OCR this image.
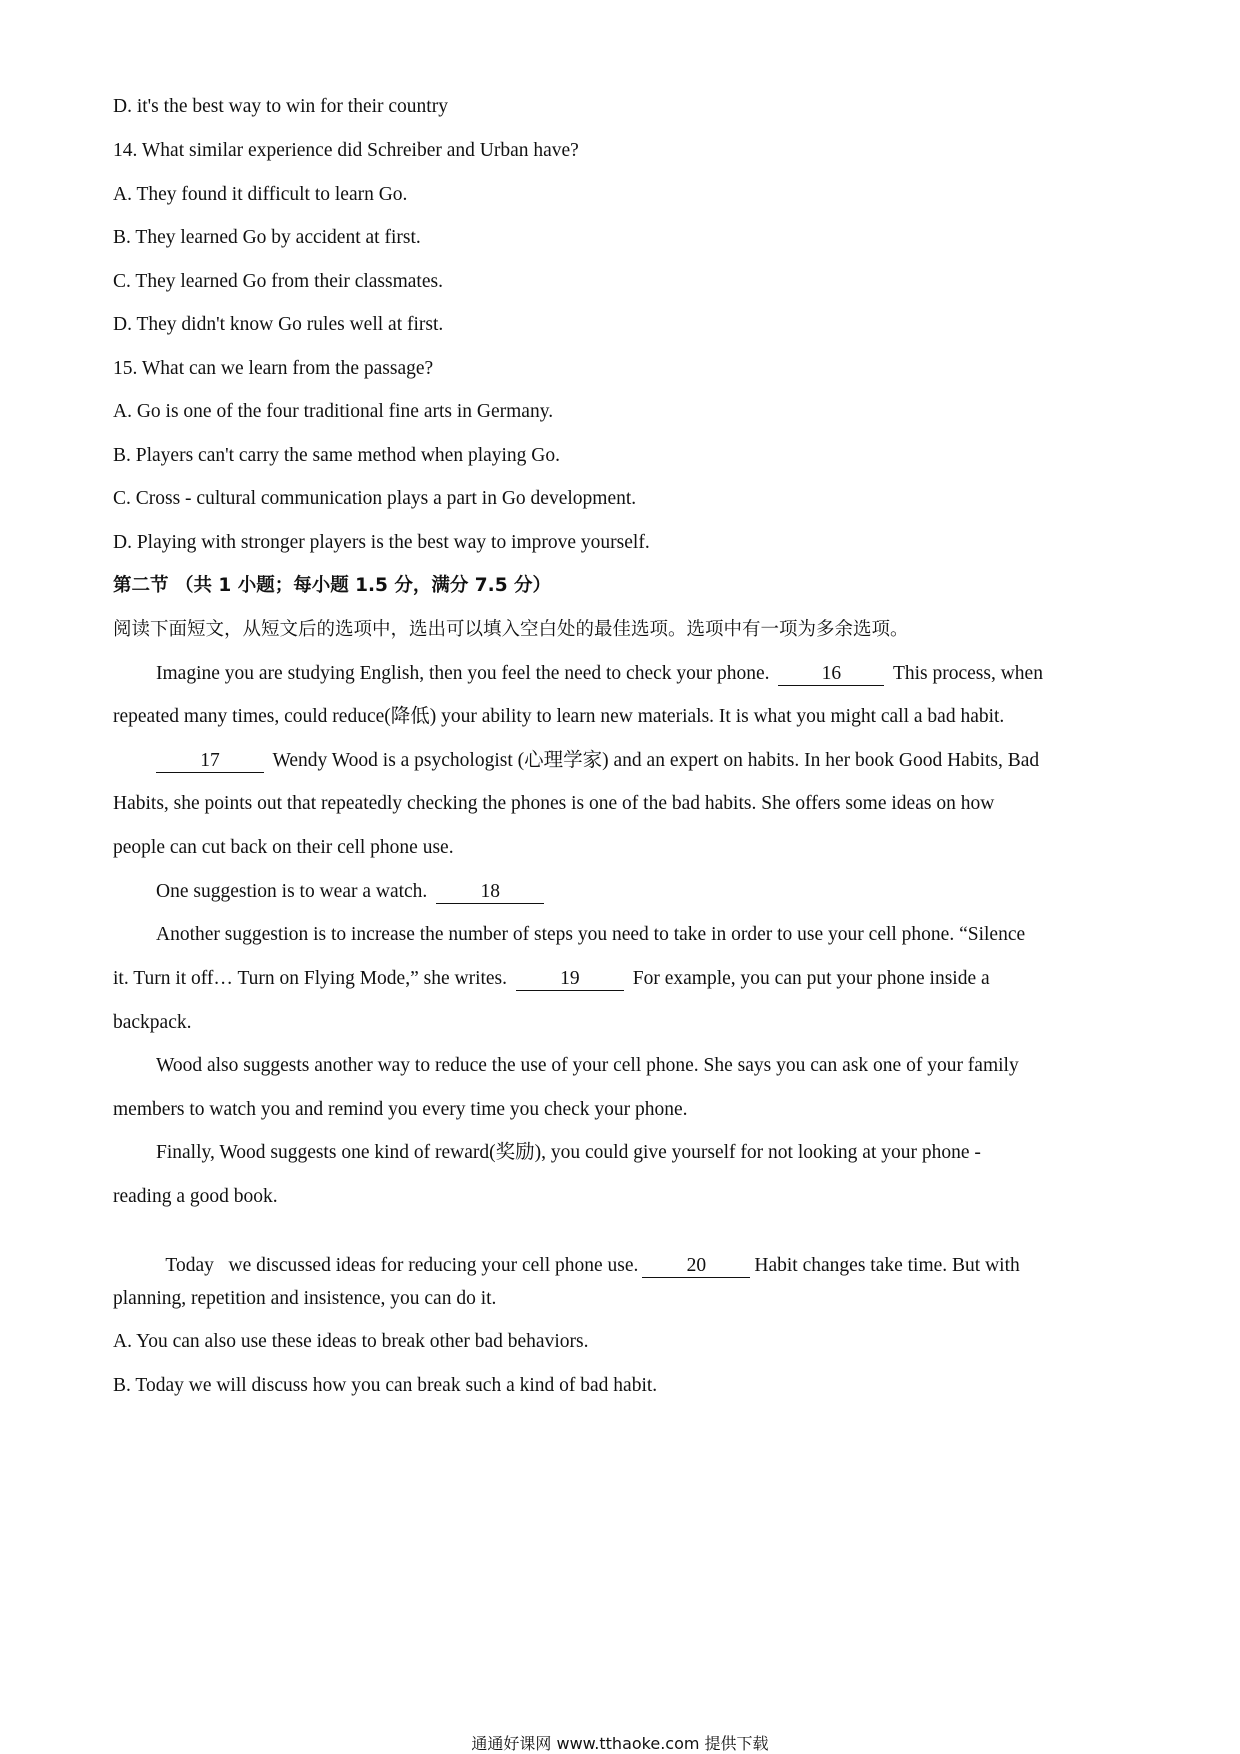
D. it's the best way to win for their country
14. What similar experience did Schreiber and Urban have?
A. They found it difficult to learn Go.
B. They learned Go by accident at first.
C. They learned Go from their classmates.
D. They didn't know Go rules well at first.
15. What can we learn from the passage?
A. Go is one of the four traditional fine arts in Germany.
B. Players can't carry the same method when playing Go.
C. Cross - cultural communication plays a part in Go development.
D. Playing with stronger players is the best way to improve yourself.
第二节 （共 1 小题；每小题 1.5 分，满分 7.5 分）
阅读下面短文，从短文后的选项中，选出可以填入空白处的最佳选项。选项中有一项为多余选项。
Imagine you are studying English, then you feel the need to check your phone.	16	This process, when
repeated many times, could reduce(降低) your ability to learn new materials. It is what you might call a bad habit.
17	Wendy Wood is a psychologist (心理学家) and an expert on habits. In her book Good Habits, Bad
Habits, she points out that repeatedly checking the phones is one of the bad habits. She offers some ideas on how
people can cut back on their cell phone use.
One suggestion is to wear a watch.	18
Another suggestion is to increase the number of steps you need to take in order to use your cell phone. “Silence
it. Turn it off… Turn on Flying Mode,” she writes.	19	For example, you can put your phone inside a
backpack.
Wood also suggests another way to reduce the use of your cell phone. She says you can ask one of your family
members to watch you and remind you every time you check your phone.
Finally, Wood suggests one kind of reward(奖励), you could give yourself for not looking at your phone -
reading a good book.

Today   we discussed ideas for reducing your cell phone use. 20 Habit changes take time. But with

planning, repetition and insistence, you can do it.
A. You can also use these ideas to break other bad behaviors.
B. Today we will discuss how you can break such a kind of bad habit.
通通好课网 www.tthaoke.com 提供下载
